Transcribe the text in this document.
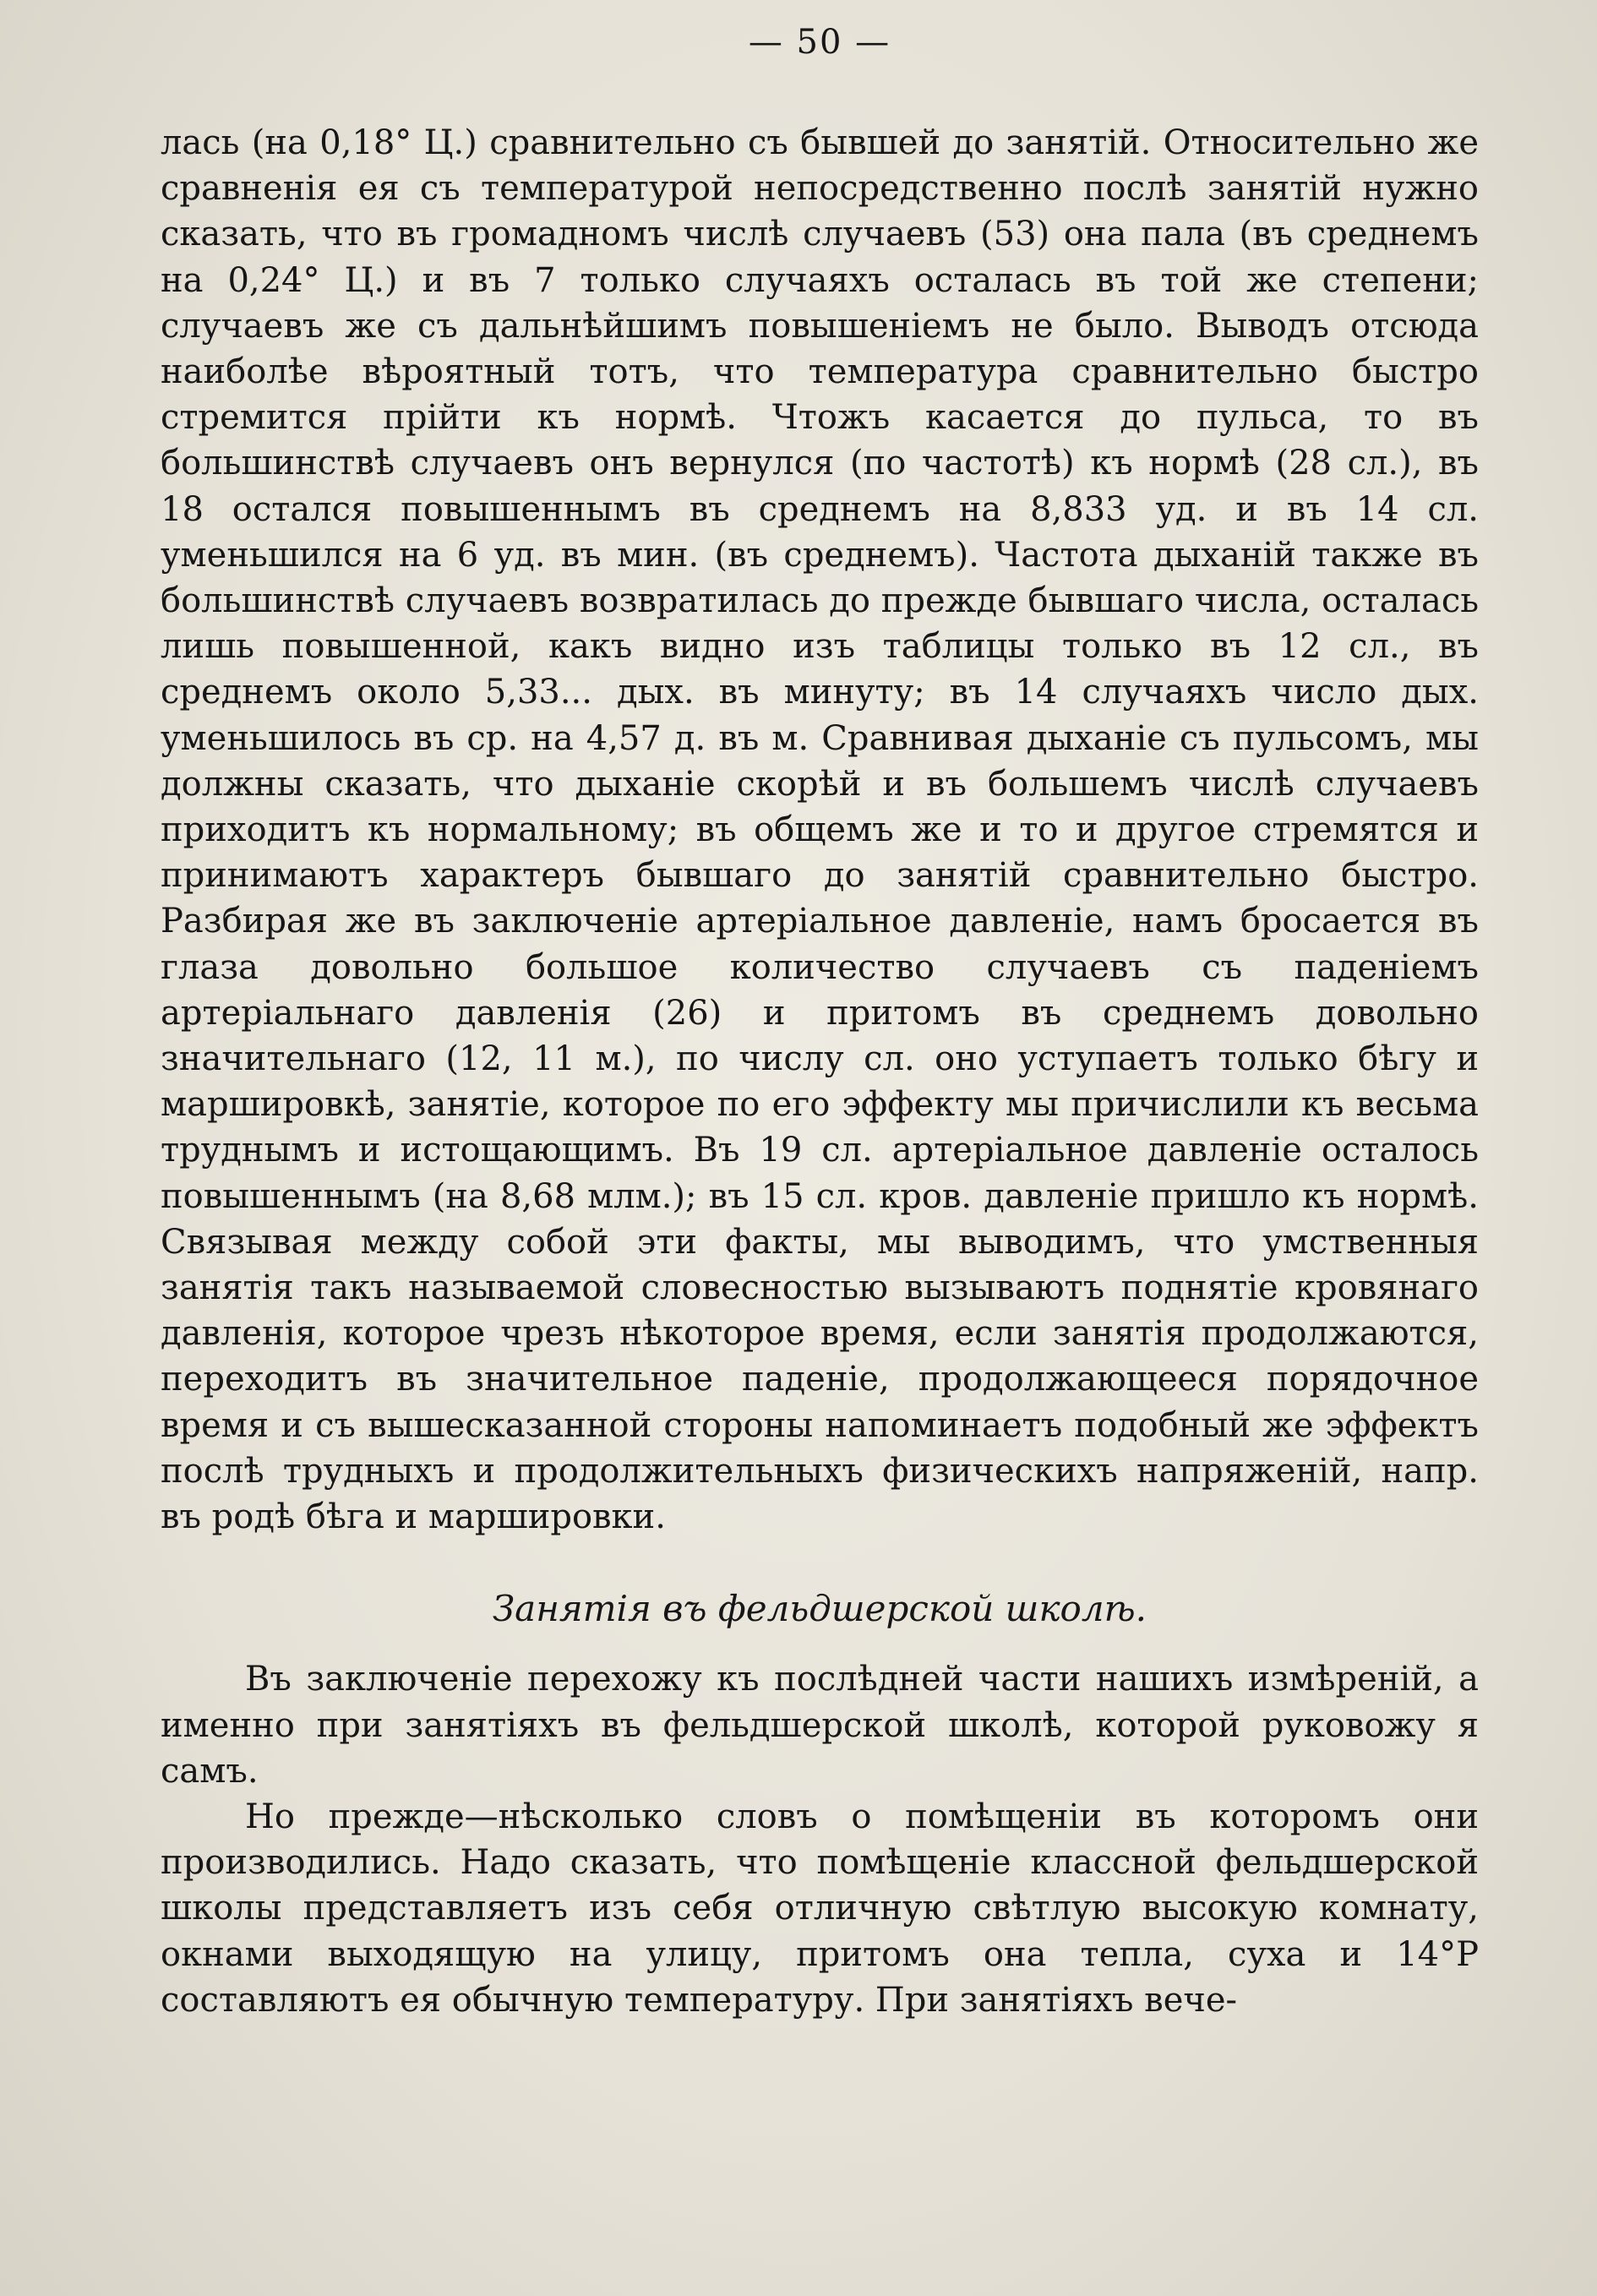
— 50 —

лась (на 0,18° Ц.) сравнительно съ бывшей до занятій. Относительно же сравненія ея съ температурой непосредственно послѣ занятій нужно сказать, что въ громадномъ числѣ случаевъ (53) она пала (въ среднемъ на 0,24° Ц.) и въ 7 только случаяхъ осталась въ той же степени; случаевъ же съ дальнѣйшимъ повышеніемъ не было. Выводъ отсюда наиболѣе вѣроятный тотъ, что температура сравнительно быстро стремится прійти къ нормѣ. Чтожъ касается до пульса, то въ большинствѣ случаевъ онъ вернулся (по частотѣ) къ нормѣ (28 сл.), въ 18 остался повышеннымъ въ среднемъ на 8,833 уд. и въ 14 сл. уменьшился на 6 уд. въ мин. (въ среднемъ). Частота дыханій также въ большинствѣ случаевъ возвратилась до прежде бывшаго числа, осталась лишь повышенной, какъ видно изъ таблицы только въ 12 сл., въ среднемъ около 5,33... дых. въ минуту; въ 14 случаяхъ число дых. уменьшилось въ ср. на 4,57 д. въ м. Сравнивая дыханіе съ пульсомъ, мы должны сказать, что дыханіе скорѣй и въ большемъ числѣ случаевъ приходитъ къ нормальному; въ общемъ же и то и другое стремятся и принимаютъ характеръ бывшаго до занятій сравнительно быстро. Разбирая же въ заключеніе артеріальное давленіе, намъ бросается въ глаза довольно большое количество случаевъ съ паденіемъ артеріальнаго давленія (26) и притомъ въ среднемъ довольно значительнаго (12, 11 м.), по числу сл. оно уступаетъ только бѣгу и маршировкѣ, занятіе, которое по его эффекту мы причислили къ весьма труднымъ и истощающимъ. Въ 19 сл. артеріальное давленіе осталось повышеннымъ (на 8,68 млм.); въ 15 сл. кров. давленіе пришло къ нормѣ. Связывая между собой эти факты, мы выводимъ, что умственныя занятія такъ называемой словесностью вызываютъ поднятіе кровянаго давленія, которое чрезъ нѣкоторое время, если занятія продолжаются, переходитъ въ значительное паденіе, продолжающееся порядочное время и съ вышесказанной стороны напоминаетъ подобный же эффектъ послѣ трудныхъ и продолжительныхъ физическихъ напряженій, напр. въ родѣ бѣга и маршировки.

Занятія въ фельдшерской школѣ.

Въ заключеніе перехожу къ послѣдней части нашихъ измѣреній, а именно при занятіяхъ въ фельдшерской школѣ, которой руковожу я самъ.

Но прежде—нѣсколько словъ о помѣщеніи въ которомъ они производились. Надо сказать, что помѣщеніе классной фельдшерской школы представляетъ изъ себя отличную свѣтлую высокую комнату, окнами выходящую на улицу, притомъ она тепла, суха и 14°Р составляютъ ея обычную температуру. При занятіяхъ вече-
